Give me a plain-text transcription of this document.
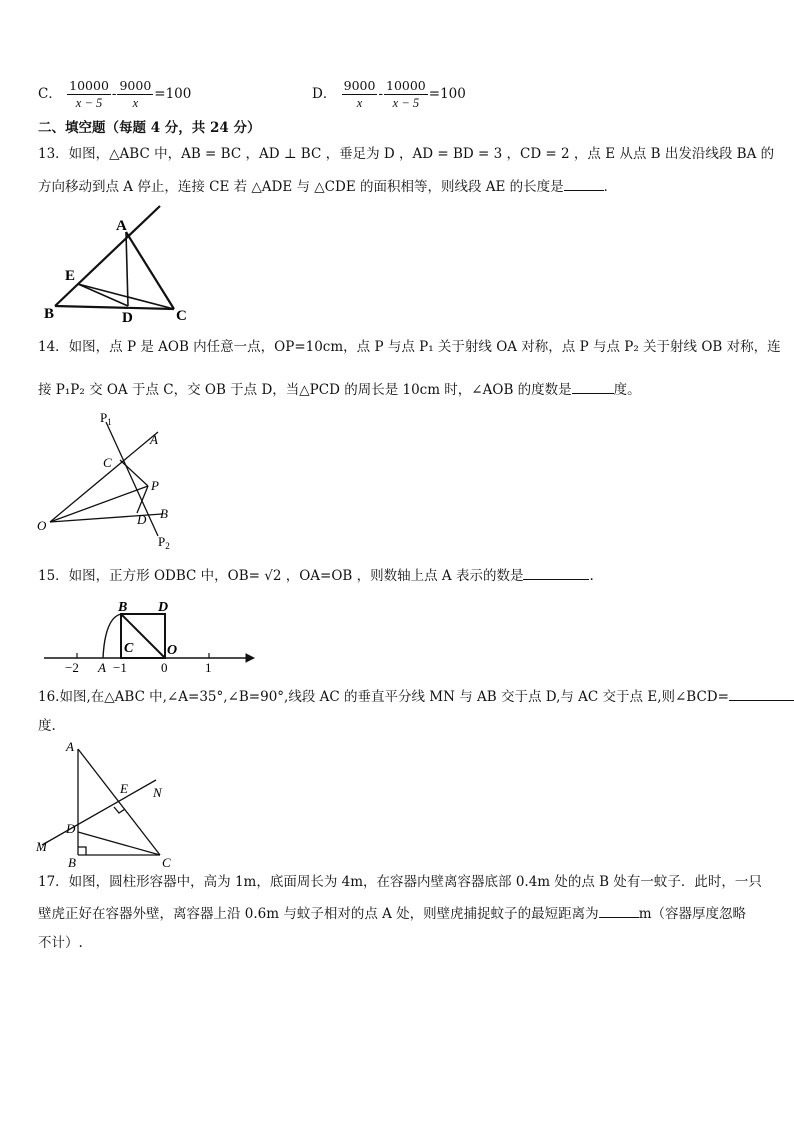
C． $\frac{10000}{x - 5} - \frac{9000}{x} =100$	D． $\frac{9000}{x} - \frac{10000}{x - 5} =100$
二、填空题（每题 4 分，共 24 分）
13．如图，△ABC 中，AB = BC ，AD ⊥ BC ，垂足为 D ，AD = BD = 3 ，CD = 2 ，点 E 从点 B 出发沿线段 BA 的
方向移动到点 A 停止，连接 CE 若 △ADE 与 △CDE 的面积相等，则线段 AE 的长度是	．
A
E
B	D	C
14．如图，点 P 是 AOB 内任意一点，OP=10cm，点 P 与点 P₁ 关于射线 OA 对称，点 P 与点 P₂ 关于射线 OB 对称，连
接 P₁P₂ 交 OA 于点 C，交 OB 于点 D，当△PCD 的周长是 10cm 时，∠AOB 的度数是	度。
$P_1$
A
C
P
D B
O
$P_2$
15．如图，正方形 ODBC 中，OB= √2 ，OA=OB ，则数轴上点 A 表示的数是	.
B D
C O
−2 A −1	0	1
16.如图,在△ABC 中,∠A=35°,∠B=90°,线段 AC 的垂直平分线 MN 与 AB 交于点 D,与 AC 交于点 E,则∠BCD=
度.
A
E N
D
M
B	C
17．如图，圆柱形容器中，高为 1m，底面周长为 4m，在容器内壁离容器底部 0.4m 处的点 B 处有一蚊子．此时，一只
壁虎正好在容器外壁，离容器上沿 0.6m 与蚊子相对的点 A 处，则壁虎捕捉蚊子的最短距离为	m（容器厚度忽略
不计）.
